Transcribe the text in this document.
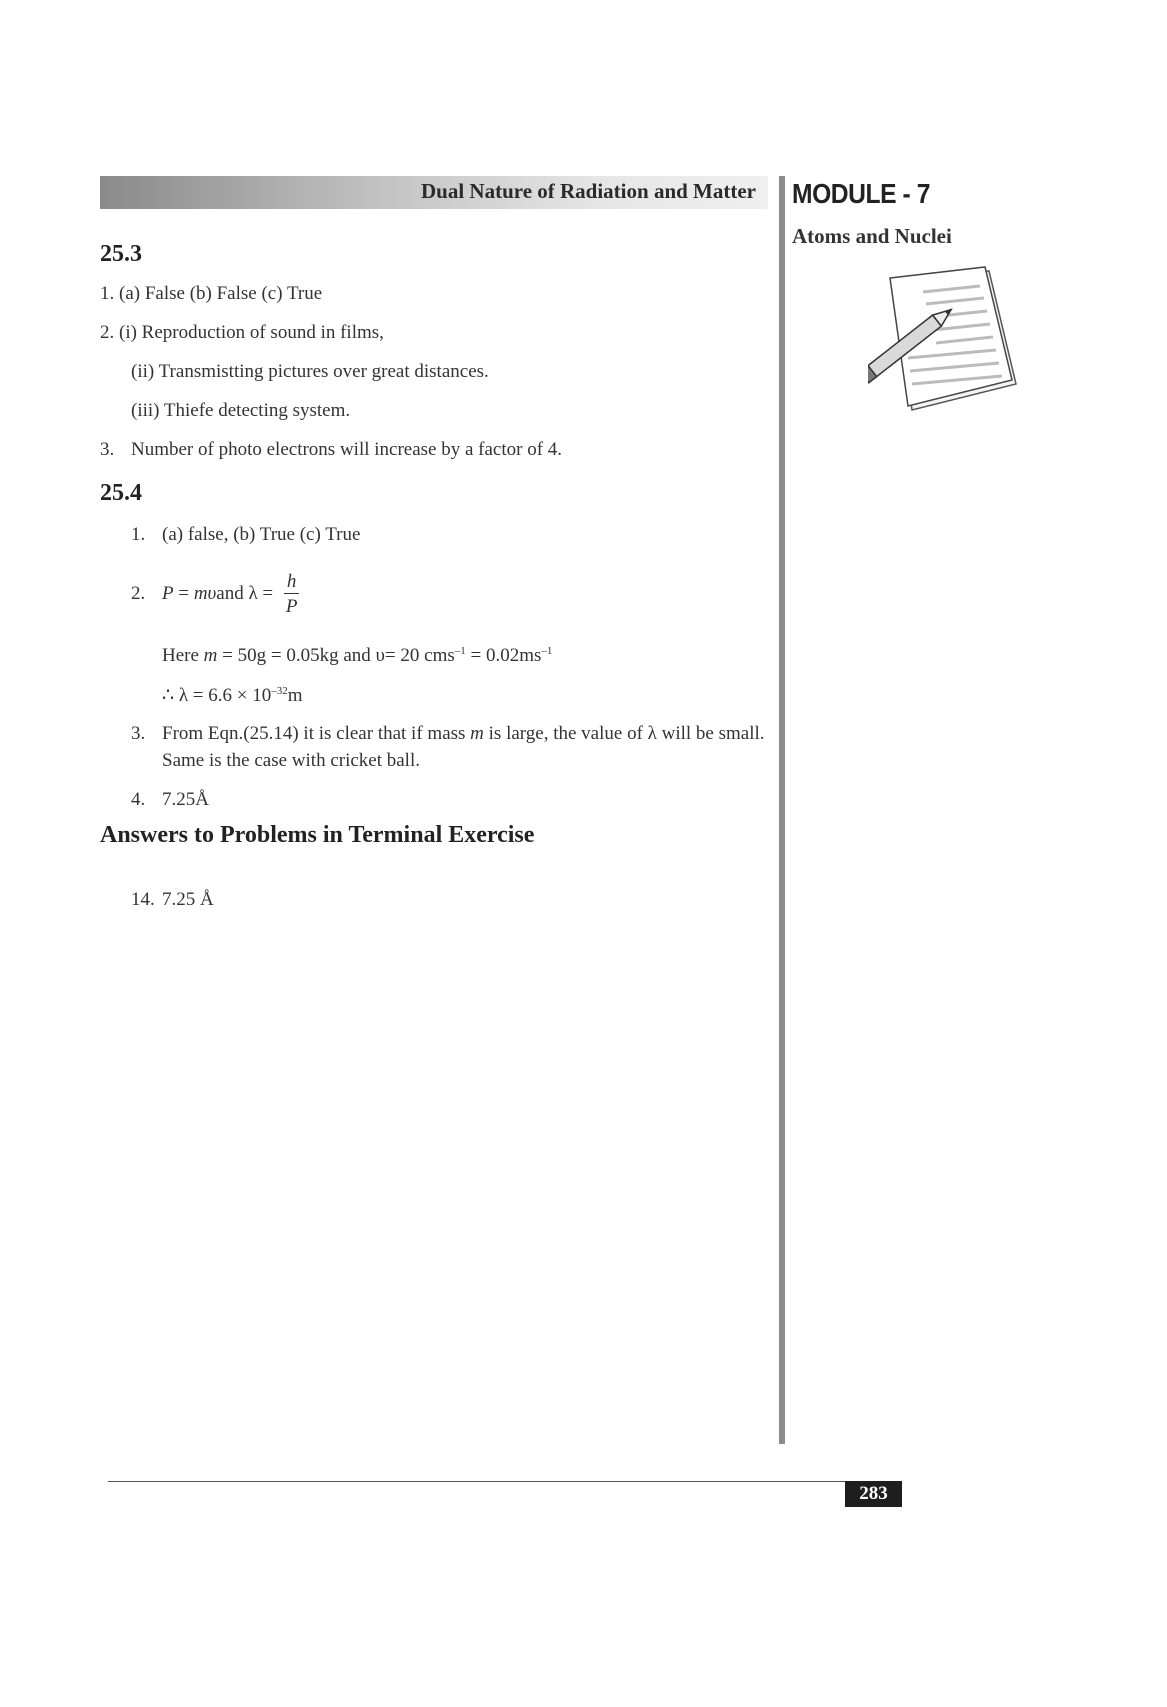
Dual Nature of Radiation and Matter MODULE - 7
Atoms and Nuclei
25.3
1. (a) False (b) False (c) True
2. (i) Reproduction of sound in films,
(ii) Transmistting pictures over great distances.
(iii) Thiefe detecting system.
3. Number of photo electrons will increase by a factor of 4.
25.4
1. (a) false, (b) True (c) True
2. P = mυand $\lambda = \frac{h}{P}$
Here m = 50g = 0.05kg and υ= 20 $cms^{-1} = 0.02ms^{-1}$
∴ $\lambda = 6.6 \times 10^{-32}m$
3. From Eqn.(25.14) it is clear that if mass m is large, the value of λ will be small.
Same is the case with cricket ball.
4. 7.25Å
Answers to Problems in Terminal Exercise
14. 7.25 Å
283
